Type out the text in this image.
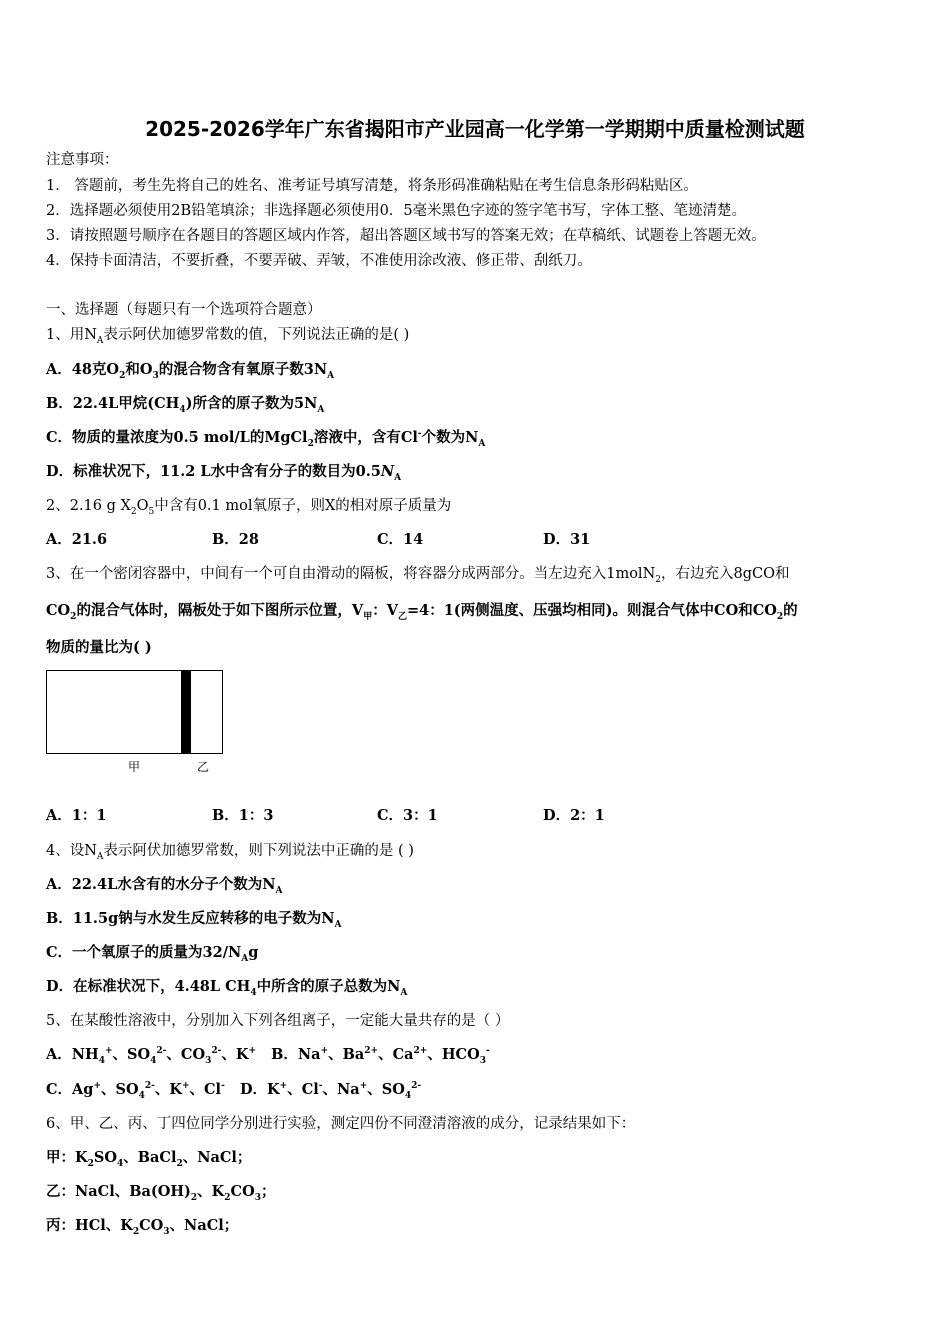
2025-2026学年广东省揭阳市产业园高一化学第一学期期中质量检测试题
注意事项：
1． 答题前，考生先将自己的姓名、准考证号填写清楚，将条形码准确粘贴在考生信息条形码粘贴区。
2．选择题必须使用2B铅笔填涂；非选择题必须使用0．5毫米黑色字迹的签字笔书写，字体工整、笔迹清楚。
3．请按照题号顺序在各题目的答题区域内作答，超出答题区域书写的答案无效；在草稿纸、试题卷上答题无效。
4．保持卡面清洁，不要折叠，不要弄破、弄皱，不准使用涂改液、修正带、刮纸刀。
一、选择题（每题只有一个选项符合题意）
1、用$N_A$表示阿伏加德罗常数的值，下列说法正确的是( )
A．48克$O_2$和$O_3$的混合物含有氧原子数$3N_A$
B．22.4L甲烷$(CH_4)$所含的原子数为$5N_A$
C．物质的量浓度为0.5 mol/L的MgCl$_2$溶液中，含有Cl-个数为$N_A$
D．标准状况下，11.2 L水中含有分子的数目为$0.5N_A$
2、2.16 g $X_2O_5$中含有0.1 mol氧原子，则X的相对原子质量为
A．21.6	B．28	C．14	D．31
3、在一个密闭容器中，中间有一个可自由滑动的隔板，将容器分成两部分。当左边充入1molN$_2$，右边充入8gCO和
$CO_2$的混合气体时，隔板处于如下图所示位置，$V_甲$：$V_乙=4$：1(两侧温度、压强均相同)。则混合气体中CO和$CO_2$的
物质的量比为( )
甲	乙
A．1：1	B．1：3	C．3：1	D．2：1
4、设$N_A$表示阿伏加德罗常数，则下列说法中正确的是 ( )
A．22.4L水含有的水分子个数为$N_A$
B．11.5g钠与水发生反应转移的电子数为$N_A$
C．一个氧原子的质量为$32/N_Ag$
D．在标准状况下，4.48L $CH_4$中所含的原子总数为$N_A$
5、在某酸性溶液中，分别加入下列各组离子，一定能大量共存的是（ ）
A．$NH_4^+$、$SO_4^{2-}$、$CO_3^{2-}$、K+ B．Na+、$Ba^{2+}$、$Ca^{2+}$、$HCO_3^-$
C．Ag+、$SO_4^{2-}$、K+、Cl- D．K+、Cl-、Na+、$SO_4^{2-}$
6、甲、乙、丙、丁四位同学分别进行实验，测定四份不同澄清溶液的成分，记录结果如下：
甲：$K_2SO_4$、BaCl$_2$、NaCl；
乙：NaCl、$Ba(OH)_2$、$K_2CO_3$；
丙：HCl、$K_2CO_3$、NaCl；
